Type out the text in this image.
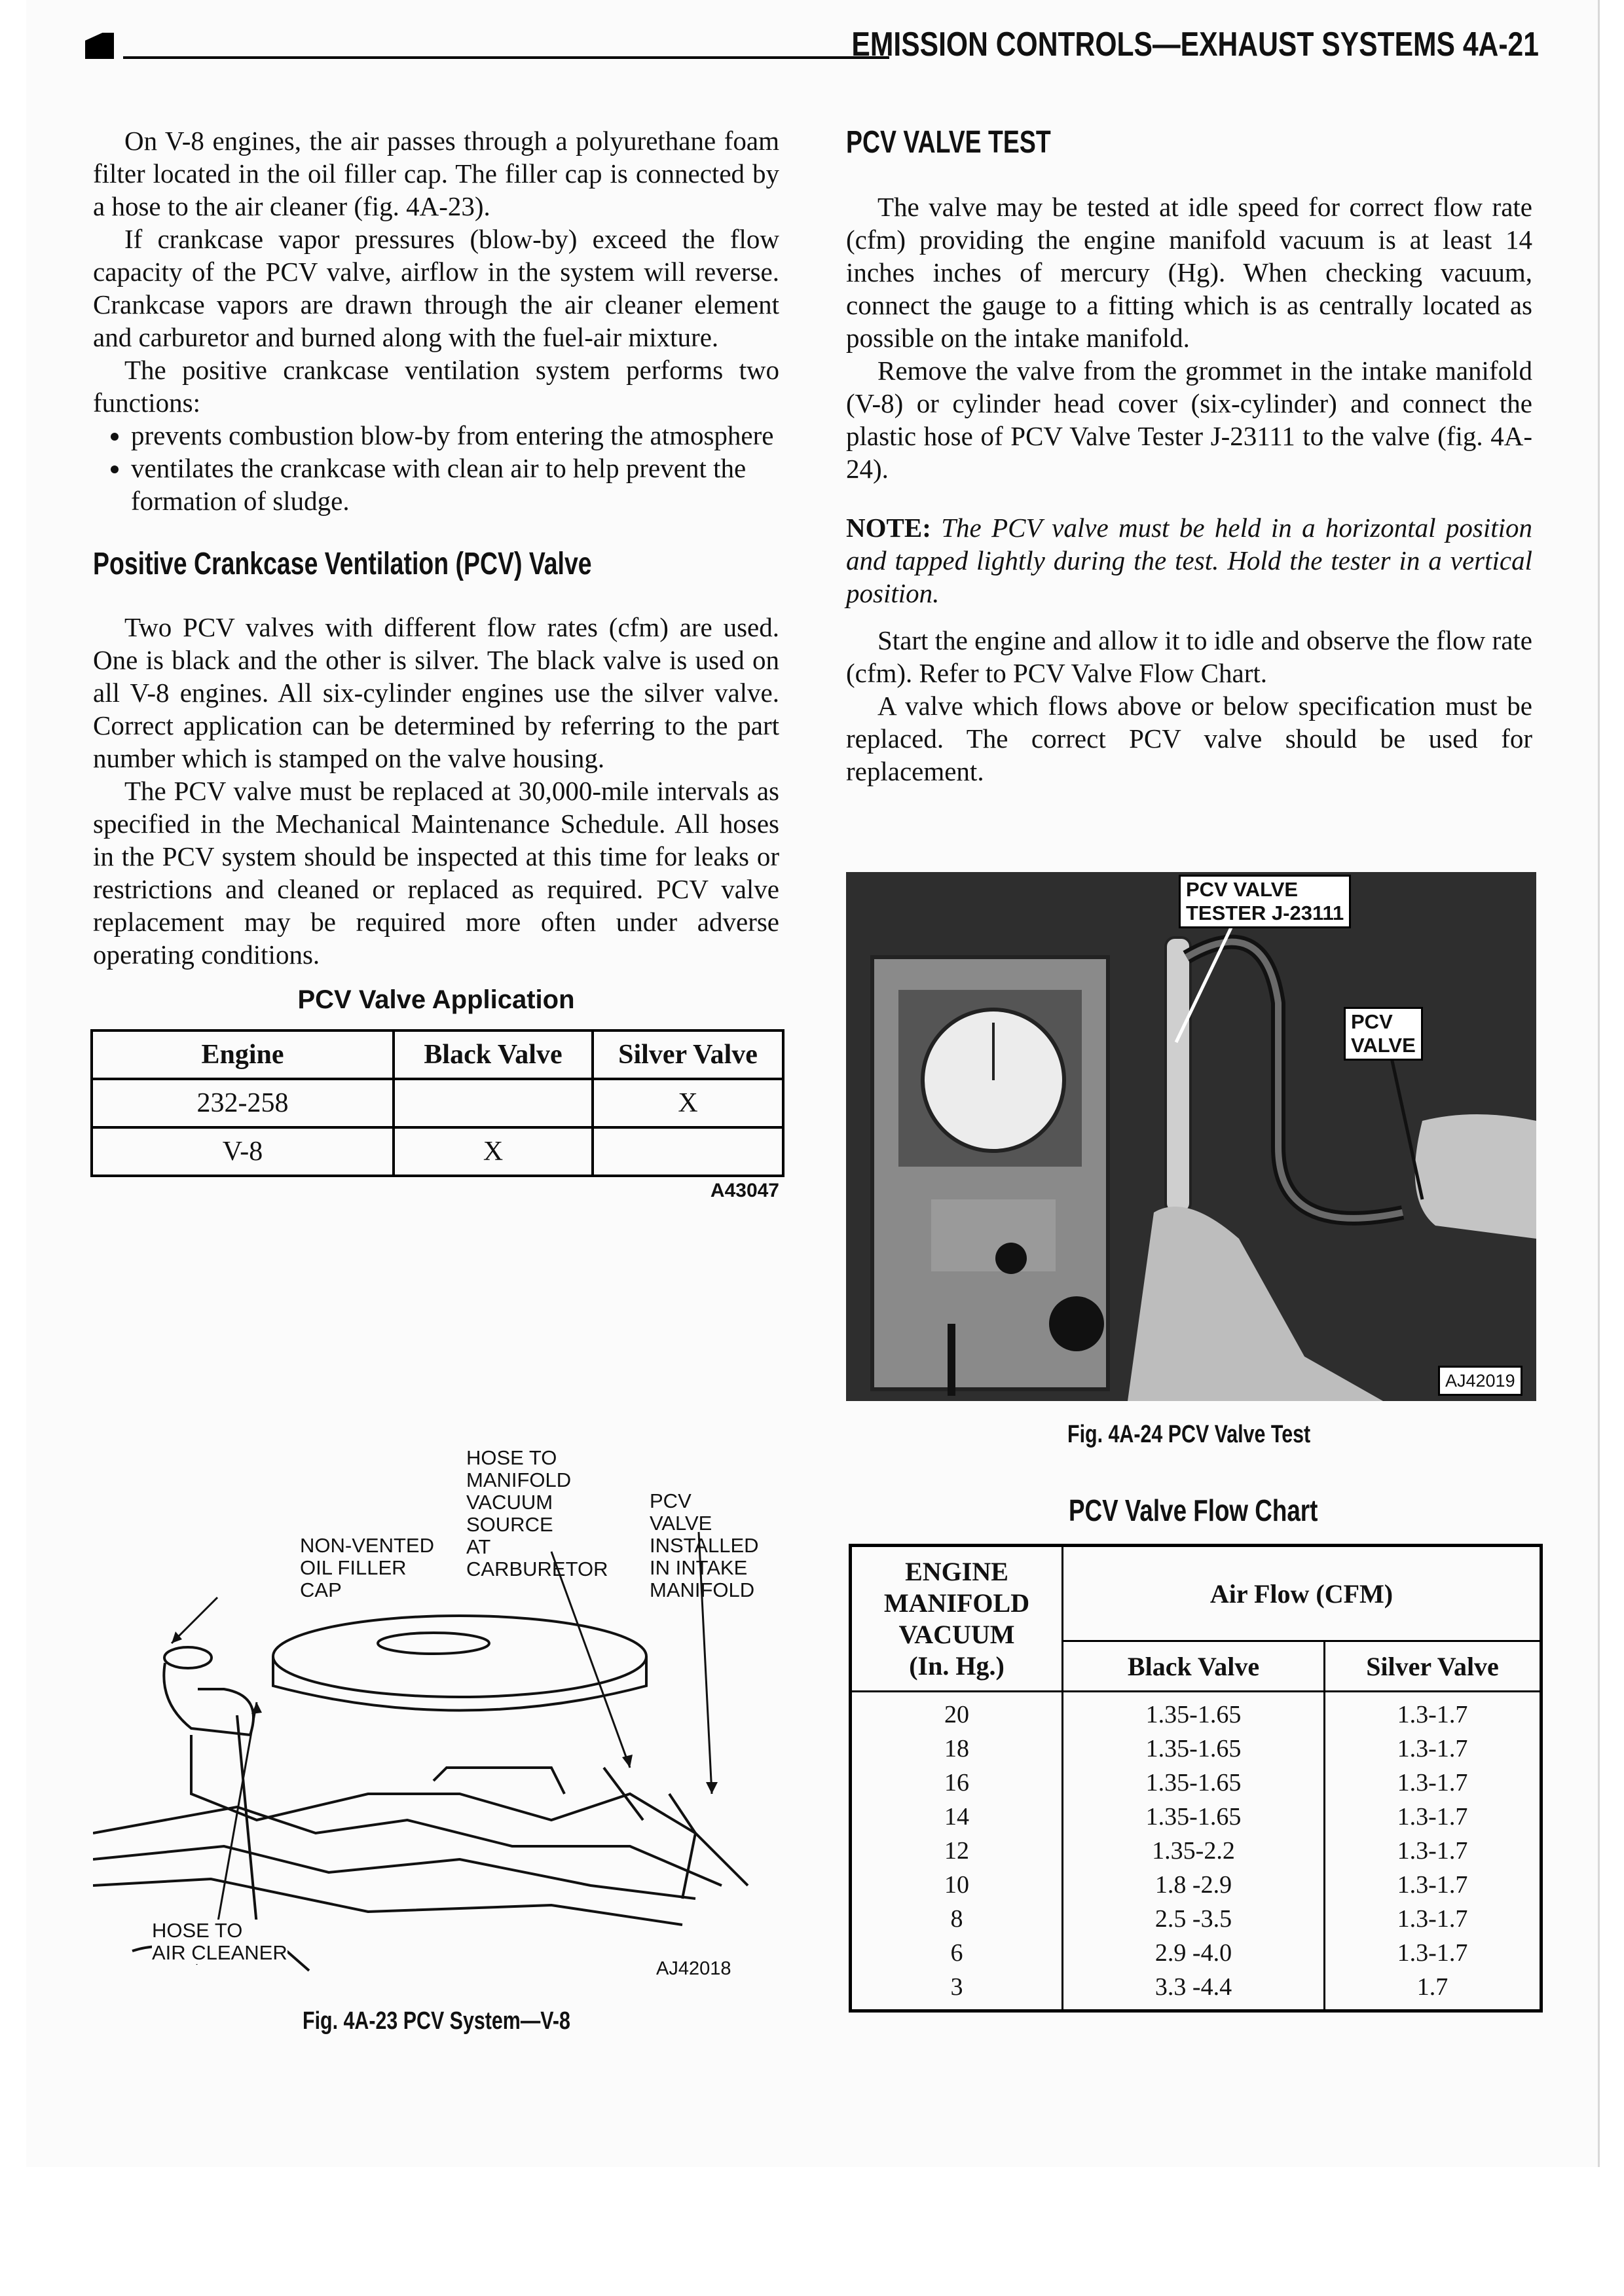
EMISSION CONTROLS—EXHAUST SYSTEMS 4A-21

On V-8 engines, the air passes through a polyurethane foam filter located in the oil filler cap. The filler cap is connected by a hose to the air cleaner (fig. 4A-23).

If crankcase vapor pressures (blow-by) exceed the flow capacity of the PCV valve, airflow in the system will reverse. Crankcase vapors are drawn through the air cleaner element and carburetor and burned along with the fuel-air mixture.

The positive crankcase ventilation system performs two functions:

• prevents combustion blow-by from entering the atmosphere
• ventilates the crankcase with clean air to help prevent the formation of sludge.
Positive Crankcase Ventilation (PCV) Valve

Two PCV valves with different flow rates (cfm) are used. One is black and the other is silver. The black valve is used on all V-8 engines. All six-cylinder engines use the silver valve. Correct application can be determined by referring to the part number which is stamped on the valve housing.

The PCV valve must be replaced at 30,000-mile intervals as specified in the Mechanical Maintenance Schedule. All hoses in the PCV system should be inspected at this time for leaks or restrictions and cleaned or replaced as required. PCV valve replacement may be required more often under adverse operating conditions.

PCV Valve Application
Engine	Black Valve	Silver Valve
232-258		X
V-8	X	
A43047
HOSE TO
MANIFOLD
VACUUM
SOURCE
AT
CARBURETOR
PCV
VALVE
INSTALLED
IN INTAKE
MANIFOLD
NON-VENTED
OIL FILLER
CAP
HOSE TO
AIR CLEANER
AJ42018
Fig. 4A-23 PCV System—V-8
PCV VALVE TEST

The valve may be tested at idle speed for correct flow rate (cfm) providing the engine manifold vacuum is at least 14 inches inches of mercury (Hg). When checking vacuum, connect the gauge to a fitting which is as centrally located as possible on the intake manifold.

Remove the valve from the grommet in the intake manifold (V-8) or cylinder head cover (six-cylinder) and connect the plastic hose of PCV Valve Tester J-23111 to the valve (fig. 4A-24).

NOTE: The PCV valve must be held in a horizontal position and tapped lightly during the test. Hold the tester in a vertical position.

Start the engine and allow it to idle and observe the flow rate (cfm). Refer to PCV Valve Flow Chart.

A valve which flows above or below specification must be replaced. The correct PCV valve should be used for replacement.

PCV VALVE
TESTER J-23111
PCV
VALVE
AJ42019
Fig. 4A-24 PCV Valve Test
PCV Valve Flow Chart
ENGINE
MANIFOLD
VACUUM
(In. Hg.)	Air Flow (CFM)	
	Black Valve	Silver Valve
20	1.35-1.65	1.3-1.7
18	1.35-1.65	1.3-1.7
16	1.35-1.65	1.3-1.7
14	1.35-1.65	1.3-1.7
12	1.35-2.2	1.3-1.7
10	1.8 -2.9	1.3-1.7
8	2.5 -3.5	1.3-1.7
6	2.9 -4.0	1.3-1.7
3	3.3 -4.4	1.7
